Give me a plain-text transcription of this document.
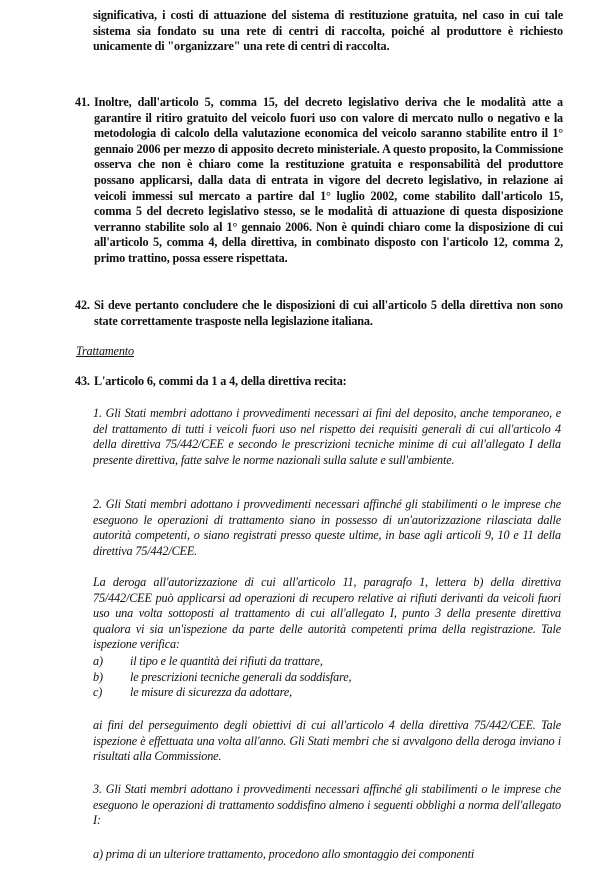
significativa, i costi di attuazione del sistema di restituzione gratuita, nel caso in cui tale sistema sia fondato su una rete di centri di raccolta, poiché al produttore è richiesto unicamente di "organizzare" una rete di centri di raccolta.

41. Inoltre, dall'articolo 5, comma 15, del decreto legislativo deriva che le modalità atte a garantire il ritiro gratuito del veicolo fuori uso con valore di mercato nullo o negativo e la metodologia di calcolo della valutazione economica del veicolo saranno stabilite entro il 1° gennaio 2006 per mezzo di apposito decreto ministeriale. A questo proposito, la Commissione osserva che non è chiaro come la restituzione gratuita e responsabilità del produttore possano applicarsi, dalla data di entrata in vigore del decreto legislativo, in relazione ai veicoli immessi sul mercato a partire dal 1° luglio 2002, come stabilito dall'articolo 15, comma 5 del decreto legislativo stesso, se le modalità di attuazione di questa disposizione verranno stabilite solo al 1° gennaio 2006. Non è quindi chiaro come la disposizione di cui all'articolo 5, comma 4, della direttiva, in combinato disposto con l'articolo 12, comma 2, primo trattino, possa essere rispettata.
42. Si deve pertanto concludere che le disposizioni di cui all'articolo 5 della direttiva non sono state correttamente trasposte nella legislazione italiana.

Trattamento

43. L'articolo 6, commi da 1 a 4, della direttiva recita:

1. Gli Stati membri adottano i provvedimenti necessari ai fini del deposito, anche temporaneo, e del trattamento di tutti i veicoli fuori uso nel rispetto dei requisiti generali di cui all'articolo 4 della direttiva 75/442/CEE e secondo le prescrizioni tecniche minime di cui all'allegato I della presente direttiva, fatte salve le norme nazionali sulla salute e sull'ambiente.

2. Gli Stati membri adottano i provvedimenti necessari affinché gli stabilimenti o le imprese che eseguono le operazioni di trattamento siano in possesso di un'autorizzazione rilasciata dalle autorità competenti, o siano registrati presso queste ultime, in base agli articoli 9, 10 e 11 della direttiva 75/442/CEE.

La deroga all'autorizzazione di cui all'articolo 11, paragrafo 1, lettera b) della direttiva 75/442/CEE può applicarsi ad operazioni di recupero relative ai rifiuti derivanti da veicoli fuori uso una volta sottoposti al trattamento di cui all'allegato I, punto 3 della presente direttiva qualora vi sia un'ispezione da parte delle autorità competenti prima della registrazione. Tale ispezione verifica:

a)	il tipo e le quantità dei rifiuti da trattare,
b)	le prescrizioni tecniche generali da soddisfare,
c)	le misure di sicurezza da adottare,

ai fini del perseguimento degli obiettivi di cui all'articolo 4 della direttiva 75/442/CEE. Tale ispezione è effettuata una volta all'anno. Gli Stati membri che si avvalgono della deroga inviano i risultati alla Commissione.

3. Gli Stati membri adottano i provvedimenti necessari affinché gli stabilimenti o le imprese che eseguono le operazioni di trattamento soddisfino almeno i seguenti obblighi a norma dell'allegato I:

a) prima di un ulteriore trattamento, procedono allo smontaggio dei componenti
